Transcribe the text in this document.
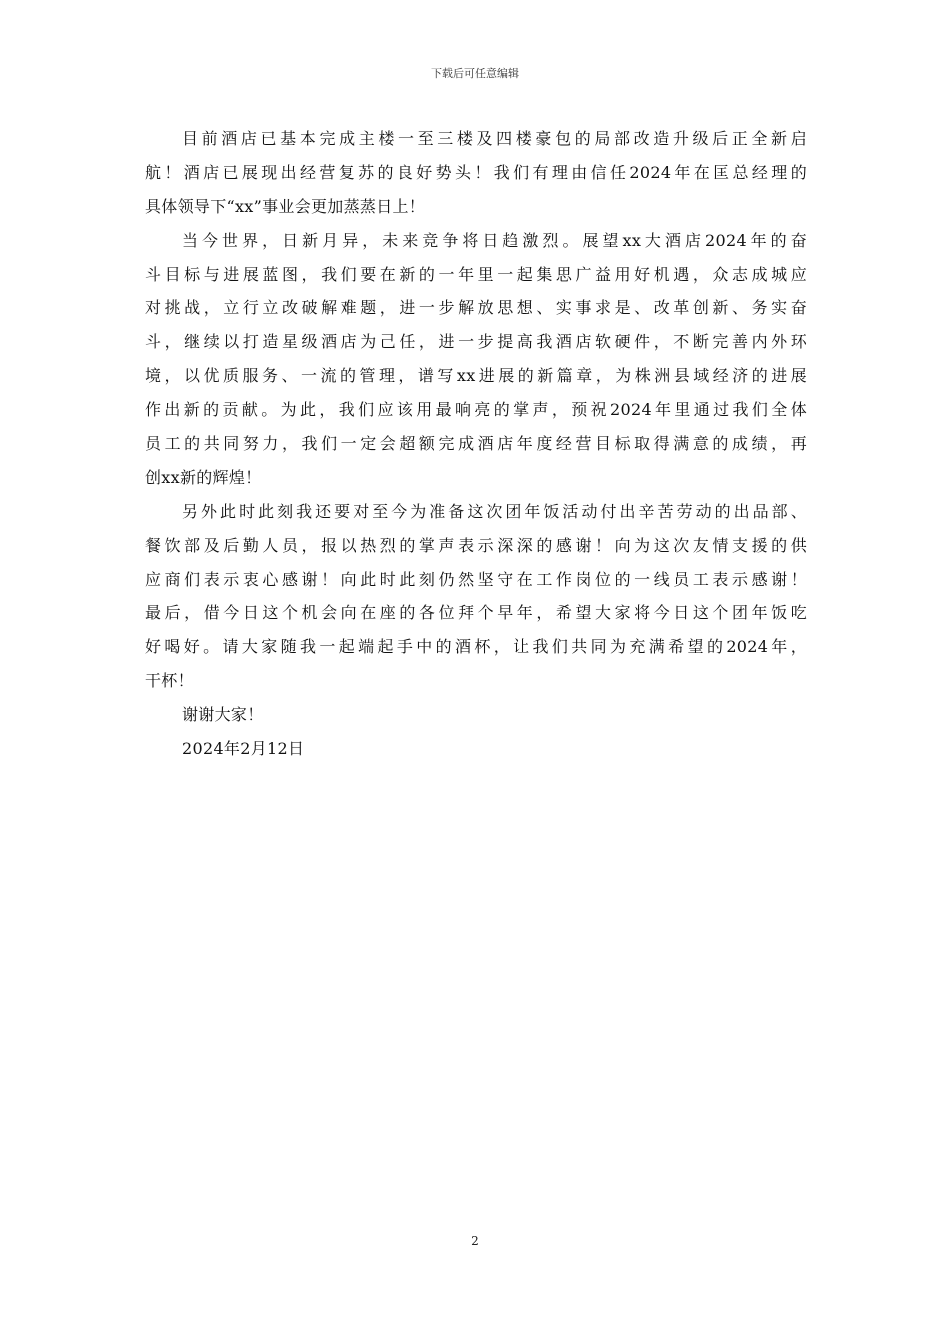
下载后可任意编辑
目前酒店已基本完成主楼一至三楼及四楼豪包的局部改造升级后正全新启
航！酒店已展现出经营复苏的良好势头！我们有理由信任2024年在匡总经理的
具体领导下“xx”事业会更加蒸蒸日上！
当今世界，日新月异，未来竞争将日趋激烈。展望xx大酒店2024年的奋
斗目标与进展蓝图，我们要在新的一年里一起集思广益用好机遇，众志成城应
对挑战，立行立改破解难题，进一步解放思想、实事求是、改革创新、务实奋
斗，继续以打造星级酒店为己任，进一步提高我酒店软硬件，不断完善内外环
境，以优质服务、一流的管理，谱写xx进展的新篇章，为株洲县域经济的进展
作出新的贡献。为此，我们应该用最响亮的掌声，预祝2024年里通过我们全体
员工的共同努力，我们一定会超额完成酒店年度经营目标取得满意的成绩，再
创xx新的辉煌！
另外此时此刻我还要对至今为准备这次团年饭活动付出辛苦劳动的出品部、
餐饮部及后勤人员，报以热烈的掌声表示深深的感谢！向为这次友情支援的供
应商们表示衷心感谢！向此时此刻仍然坚守在工作岗位的一线员工表示感谢！
最后，借今日这个机会向在座的各位拜个早年，希望大家将今日这个团年饭吃
好喝好。请大家随我一起端起手中的酒杯，让我们共同为充满希望的2024年，
干杯！
谢谢大家！
2024年2月12日
2
